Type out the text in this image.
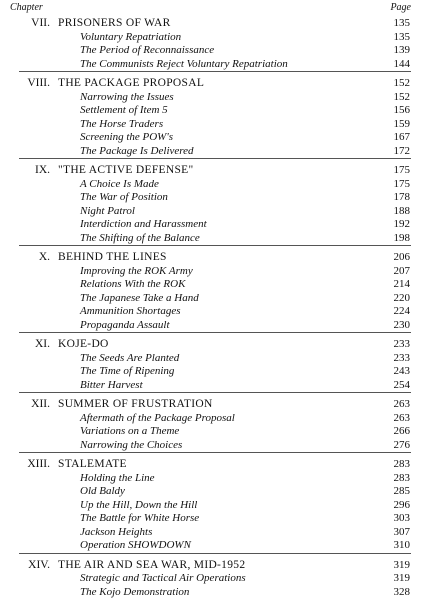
Chapter	Page
VII. PRISONERS OF WAR	135
Voluntary Repatriation	135
The Period of Reconnaissance	139
The Communists Reject Voluntary Repatriation	144
VIII. THE PACKAGE PROPOSAL	152
Narrowing the Issues	152
Settlement of Item 5	156
The Horse Traders	159
Screening the POW's	167
The Package Is Delivered	172
IX. "THE ACTIVE DEFENSE"	175
A Choice Is Made	175
The War of Position	178
Night Patrol	188
Interdiction and Harassment	192
The Shifting of the Balance	198
X. BEHIND THE LINES	206
Improving the ROK Army	207
Relations With the ROK	214
The Japanese Take a Hand	220
Ammunition Shortages	224
Propaganda Assault	230
XI. KOJE-DO	233
The Seeds Are Planted	233
The Time of Ripening	243
Bitter Harvest	254
XII. SUMMER OF FRUSTRATION	263
Aftermath of the Package Proposal	263
Variations on a Theme	266
Narrowing the Choices	276
XIII. STALEMATE	283
Holding the Line	283
Old Baldy	285
Up the Hill, Down the Hill	296
The Battle for White Horse	303
Jackson Heights	307
Operation SHOWDOWN	310
XIV. THE AIR AND SEA WAR, MID-1952	319
Strategic and Tactical Air Operations	319
The Kojo Demonstration	328
